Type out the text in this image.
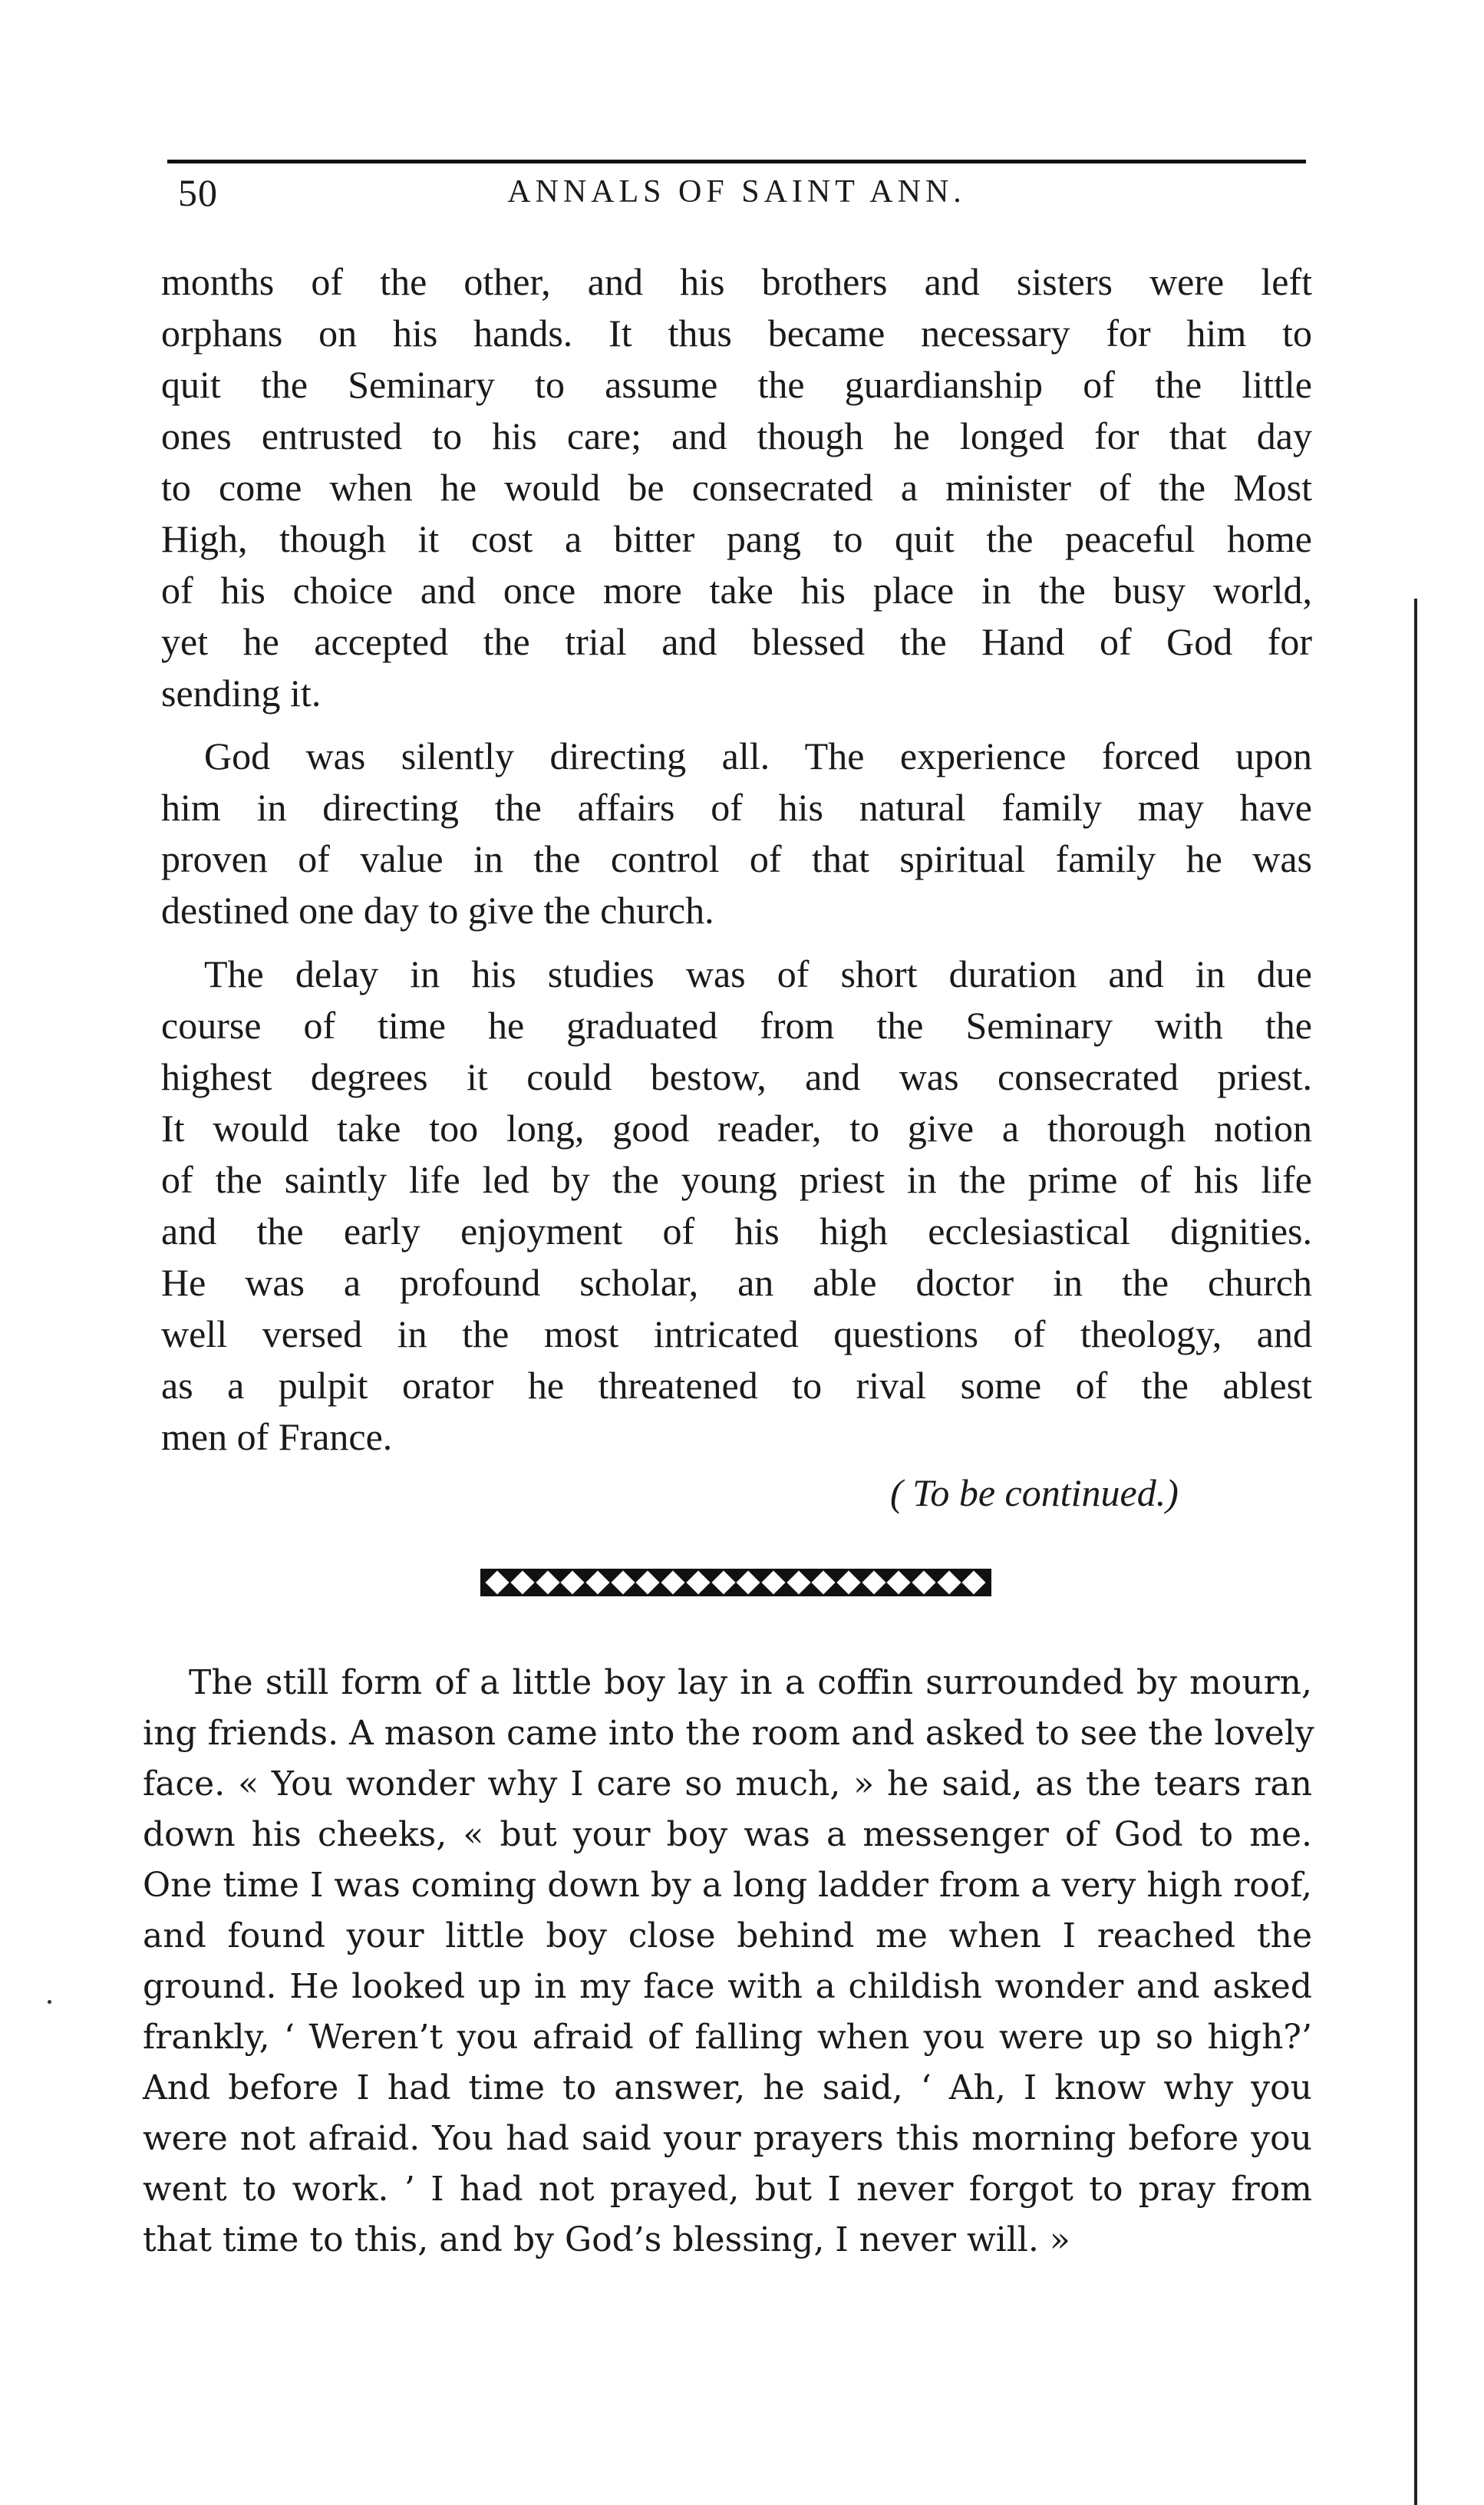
50	ANNALS OF SAINT ANN.
months of the other, and his brothers and sisters were left
orphans on his hands. It thus became necessary for him to
quit the Seminary to assume the guardianship of the little
ones entrusted to his care; and though he longed for that day
to come when he would be consecrated a minister of the Most
High, though it cost a bitter pang to quit the peaceful home
of his choice and once more take his place in the busy world,
yet he accepted the trial and blessed the Hand of God for
sending it.
God was silently directing all. The experience forced upon
him in directing the affairs of his natural family may have
proven of value in the control of that spiritual family he was
destined one day to give the church.
The delay in his studies was of short duration and in due
course of time he graduated from the Seminary with the
highest degrees it could bestow, and was consecrated priest.
It would take too long, good reader, to give a thorough notion
of the saintly life led by the young priest in the prime of his life
and the early enjoyment of his high ecclesiastical dignities.
He was a profound scholar, an able doctor in the church
well versed in the most intricated questions of theology, and
as a pulpit orator he threatened to rival some of the ablest
men of France.
( To be continued.)
The still form of a little boy lay in a coffin surrounded by mourn,
ing friends. A mason came into the room and asked to see the lovely
face. « You wonder why I care so much, » he said, as the tears ran
down his cheeks, « but your boy was a messenger of God to me.
One time I was coming down by a long ladder from a very high roof,
and found your little boy close behind me when I reached the
ground. He looked up in my face with a childish wonder and asked
frankly, ‘ Weren’t you afraid of falling when you were up so high?’
And before I had time to answer, he said, ‘ Ah, I know why you
were not afraid. You had said your prayers this morning before you
went to work. ’ I had not prayed, but I never forgot to pray from
that time to this, and by God’s blessing, I never will. »
